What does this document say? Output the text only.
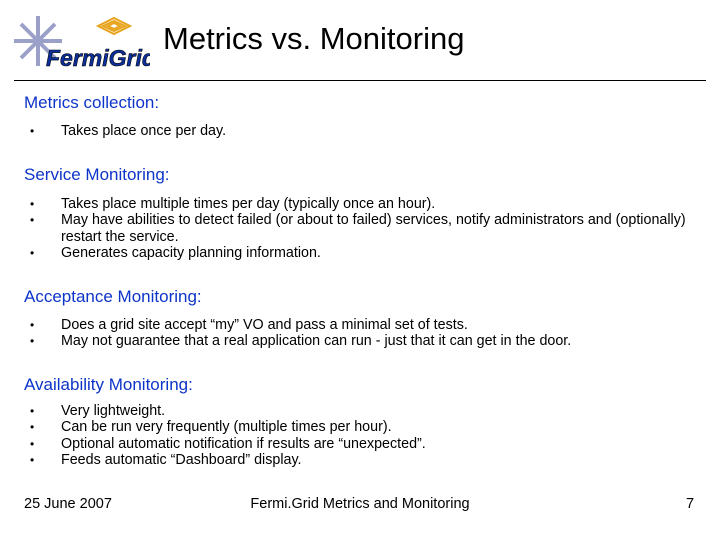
FermiGrid
Metrics vs. Monitoring
Metrics collection:
• Takes place once per day.
Service Monitoring:
• Takes place multiple times per day (typically once an hour).
• May have abilities to detect failed (or about to failed) services, notify administrators and (optionally) restart the service.
• Generates capacity planning information.
Acceptance Monitoring:
• Does a grid site accept “my” VO and pass a minimal set of tests.
• May not guarantee that a real application can run - just that it can get in the door.
Availability Monitoring:
• Very lightweight.
• Can be run very frequently (multiple times per hour).
• Optional automatic notification if results are “unexpected”.
• Feeds automatic “Dashboard” display.
25 June 2007	Fermi.Grid Metrics and Monitoring	7
